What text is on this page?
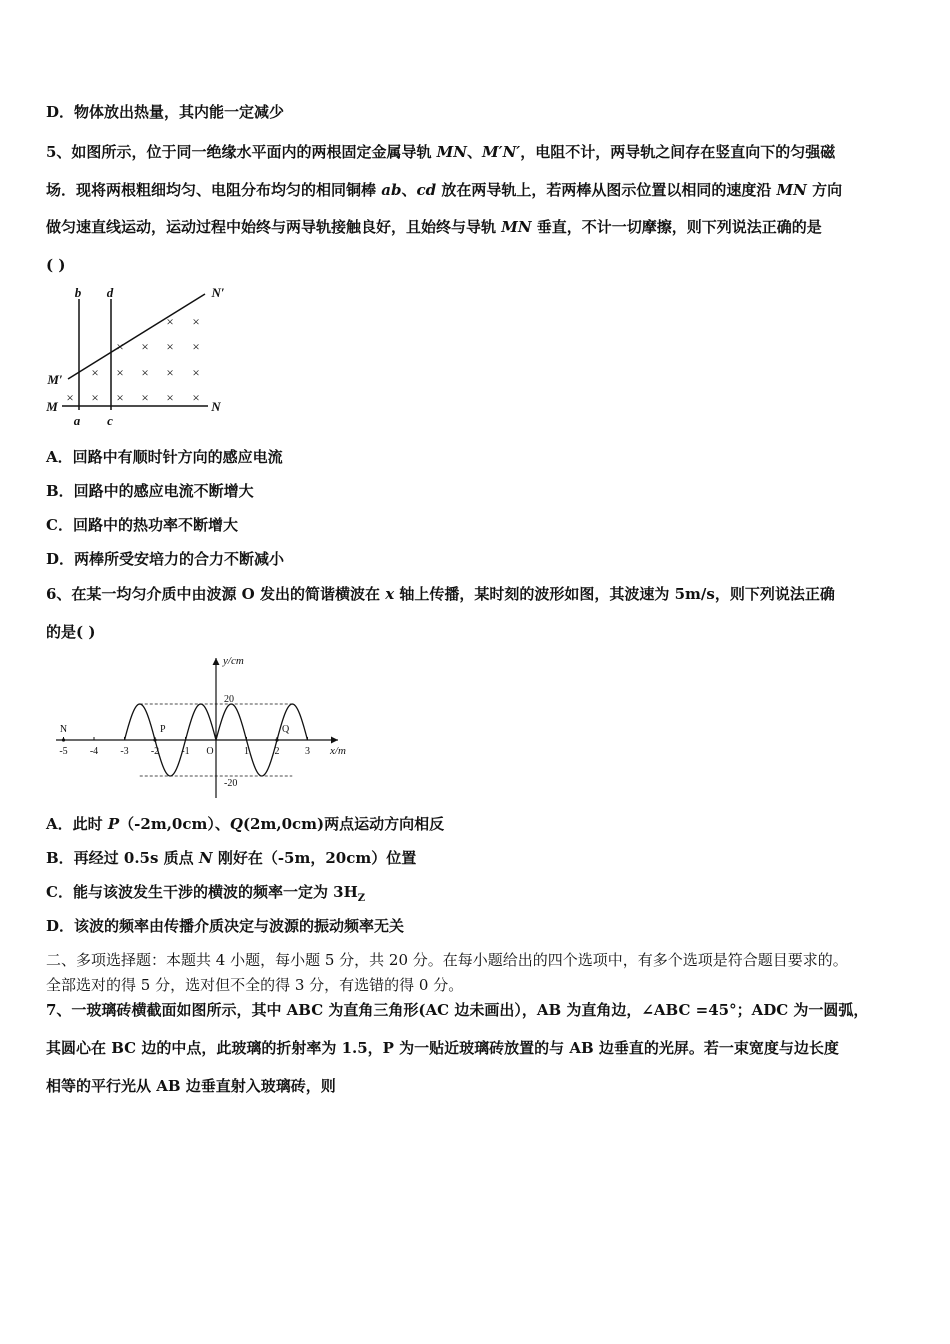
D．物体放出热量，其内能一定减少
5、如图所示，位于同一绝缘水平面内的两根固定金属导轨 MN、M′N′，电阻不计，两导轨之间存在竖直向下的匀强磁
场．现将两根粗细均匀、电阻分布均匀的相同铜棒 ab、cd 放在两导轨上，若两棒从图示位置以相同的速度沿 MN 方向
做匀速直线运动，运动过程中始终与两导轨接触良好，且始终与导轨 MN 垂直，不计一切摩擦，则下列说法正确的是
( )
b d
a c
M	N
M′
N′
× ×
× × × ×
× × × × ×
× × × × × ×
A．回路中有顺时针方向的感应电流
B．回路中的感应电流不断增大
C．回路中的热功率不断增大
D．两棒所受安培力的合力不断减小
6、在某一均匀介质中由波源 O 发出的简谐横波在 x 轴上传播，某时刻的波形如图，其波速为 5m/s，则下列说法正确
的是( )
y/cm
x/m
-5 -4 -3 -2 -1 O	1	2	3
20
-20
N	P	Q
A．此时 P（-2m,0cm）、Q(2m,0cm)两点运动方向相反
B．再经过 0.5s 质点 N 刚好在（-5m，20cm）位置
C．能与该波发生干涉的横波的频率一定为 $3H_Z$
D．该波的频率由传播介质决定与波源的振动频率无关
二、多项选择题：本题共 4 小题，每小题 5 分，共 20 分。在每小题给出的四个选项中，有多个选项是符合题目要求的。
全部选对的得 5 分，选对但不全的得 3 分，有选错的得 0 分。
7、一玻璃砖横截面如图所示，其中 ABC 为直角三角形(AC 边未画出），AB 为直角边，∠ABC =45°；ADC 为一圆弧，
其圆心在 BC 边的中点，此玻璃的折射率为 1.5，P 为一贴近玻璃砖放置的与 AB 边垂直的光屏。若一束宽度与边长度
相等的平行光从 AB 边垂直射入玻璃砖，则
